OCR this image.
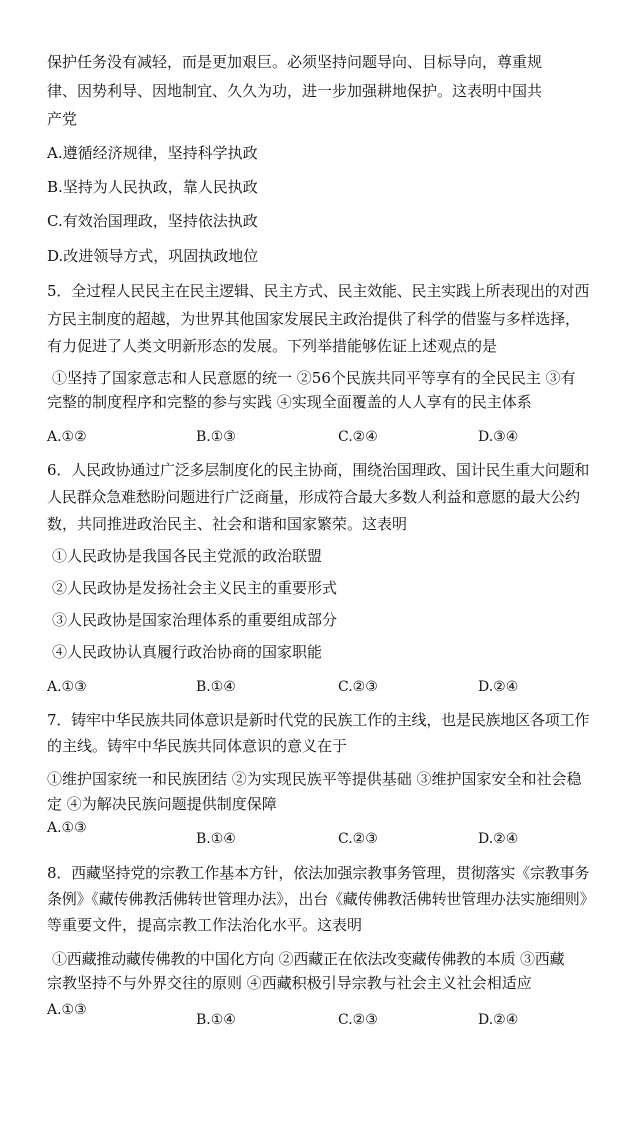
保护任务没有减轻，而是更加艰巨。必须坚持问题导向、目标导向，尊重规
律、因势利导、因地制宜、久久为功，进一步加强耕地保护。这表明中国共
产党
A.遵循经济规律，坚持科学执政
B.坚持为人民执政，靠人民执政
C.有效治国理政，坚持依法执政
D.改进领导方式，巩固执政地位
5．全过程人民民主在民主逻辑、民主方式、民主效能、民主实践上所表现出的对西
方民主制度的超越，为世界其他国家发展民主政治提供了科学的借鉴与多样选择，
有力促进了人类文明新形态的发展。下列举措能够佐证上述观点的是
①坚持了国家意志和人民意愿的统一 ②56个民族共同平等享有的全民民主 ③有
完整的制度程序和完整的参与实践 ④实现全面覆盖的人人享有的民主体系
A.①②	B.①③	C.②④	D.③④
6．人民政协通过广泛多层制度化的民主协商，围绕治国理政、国计民生重大问题和
人民群众急难愁盼问题进行广泛商量，形成符合最大多数人利益和意愿的最大公约
数，共同推进政治民主、社会和谐和国家繁荣。这表明
①人民政协是我国各民主党派的政治联盟
②人民政协是发扬社会主义民主的重要形式
③人民政协是国家治理体系的重要组成部分
④人民政协认真履行政治协商的国家职能
A.①③	B.①④	C.②③	D.②④
7．铸牢中华民族共同体意识是新时代党的民族工作的主线，也是民族地区各项工作
的主线。铸牢中华民族共同体意识的意义在于
①维护国家统一和民族团结 ②为实现民族平等提供基础 ③维护国家安全和社会稳
定 ④为解决民族问题提供制度保障
A.①③
B.①④	C.②③	D.②④
8．西藏坚持党的宗教工作基本方针，依法加强宗教事务管理，贯彻落实《宗教事务
条例》《藏传佛教活佛转世管理办法》，出台《藏传佛教活佛转世管理办法实施细则》
等重要文件，提高宗教工作法治化水平。这表明
①西藏推动藏传佛教的中国化方向 ②西藏正在依法改变藏传佛教的本质 ③西藏
宗教坚持不与外界交往的原则 ④西藏积极引导宗教与社会主义社会相适应
A.①③
B.①④	C.②③	D.②④
